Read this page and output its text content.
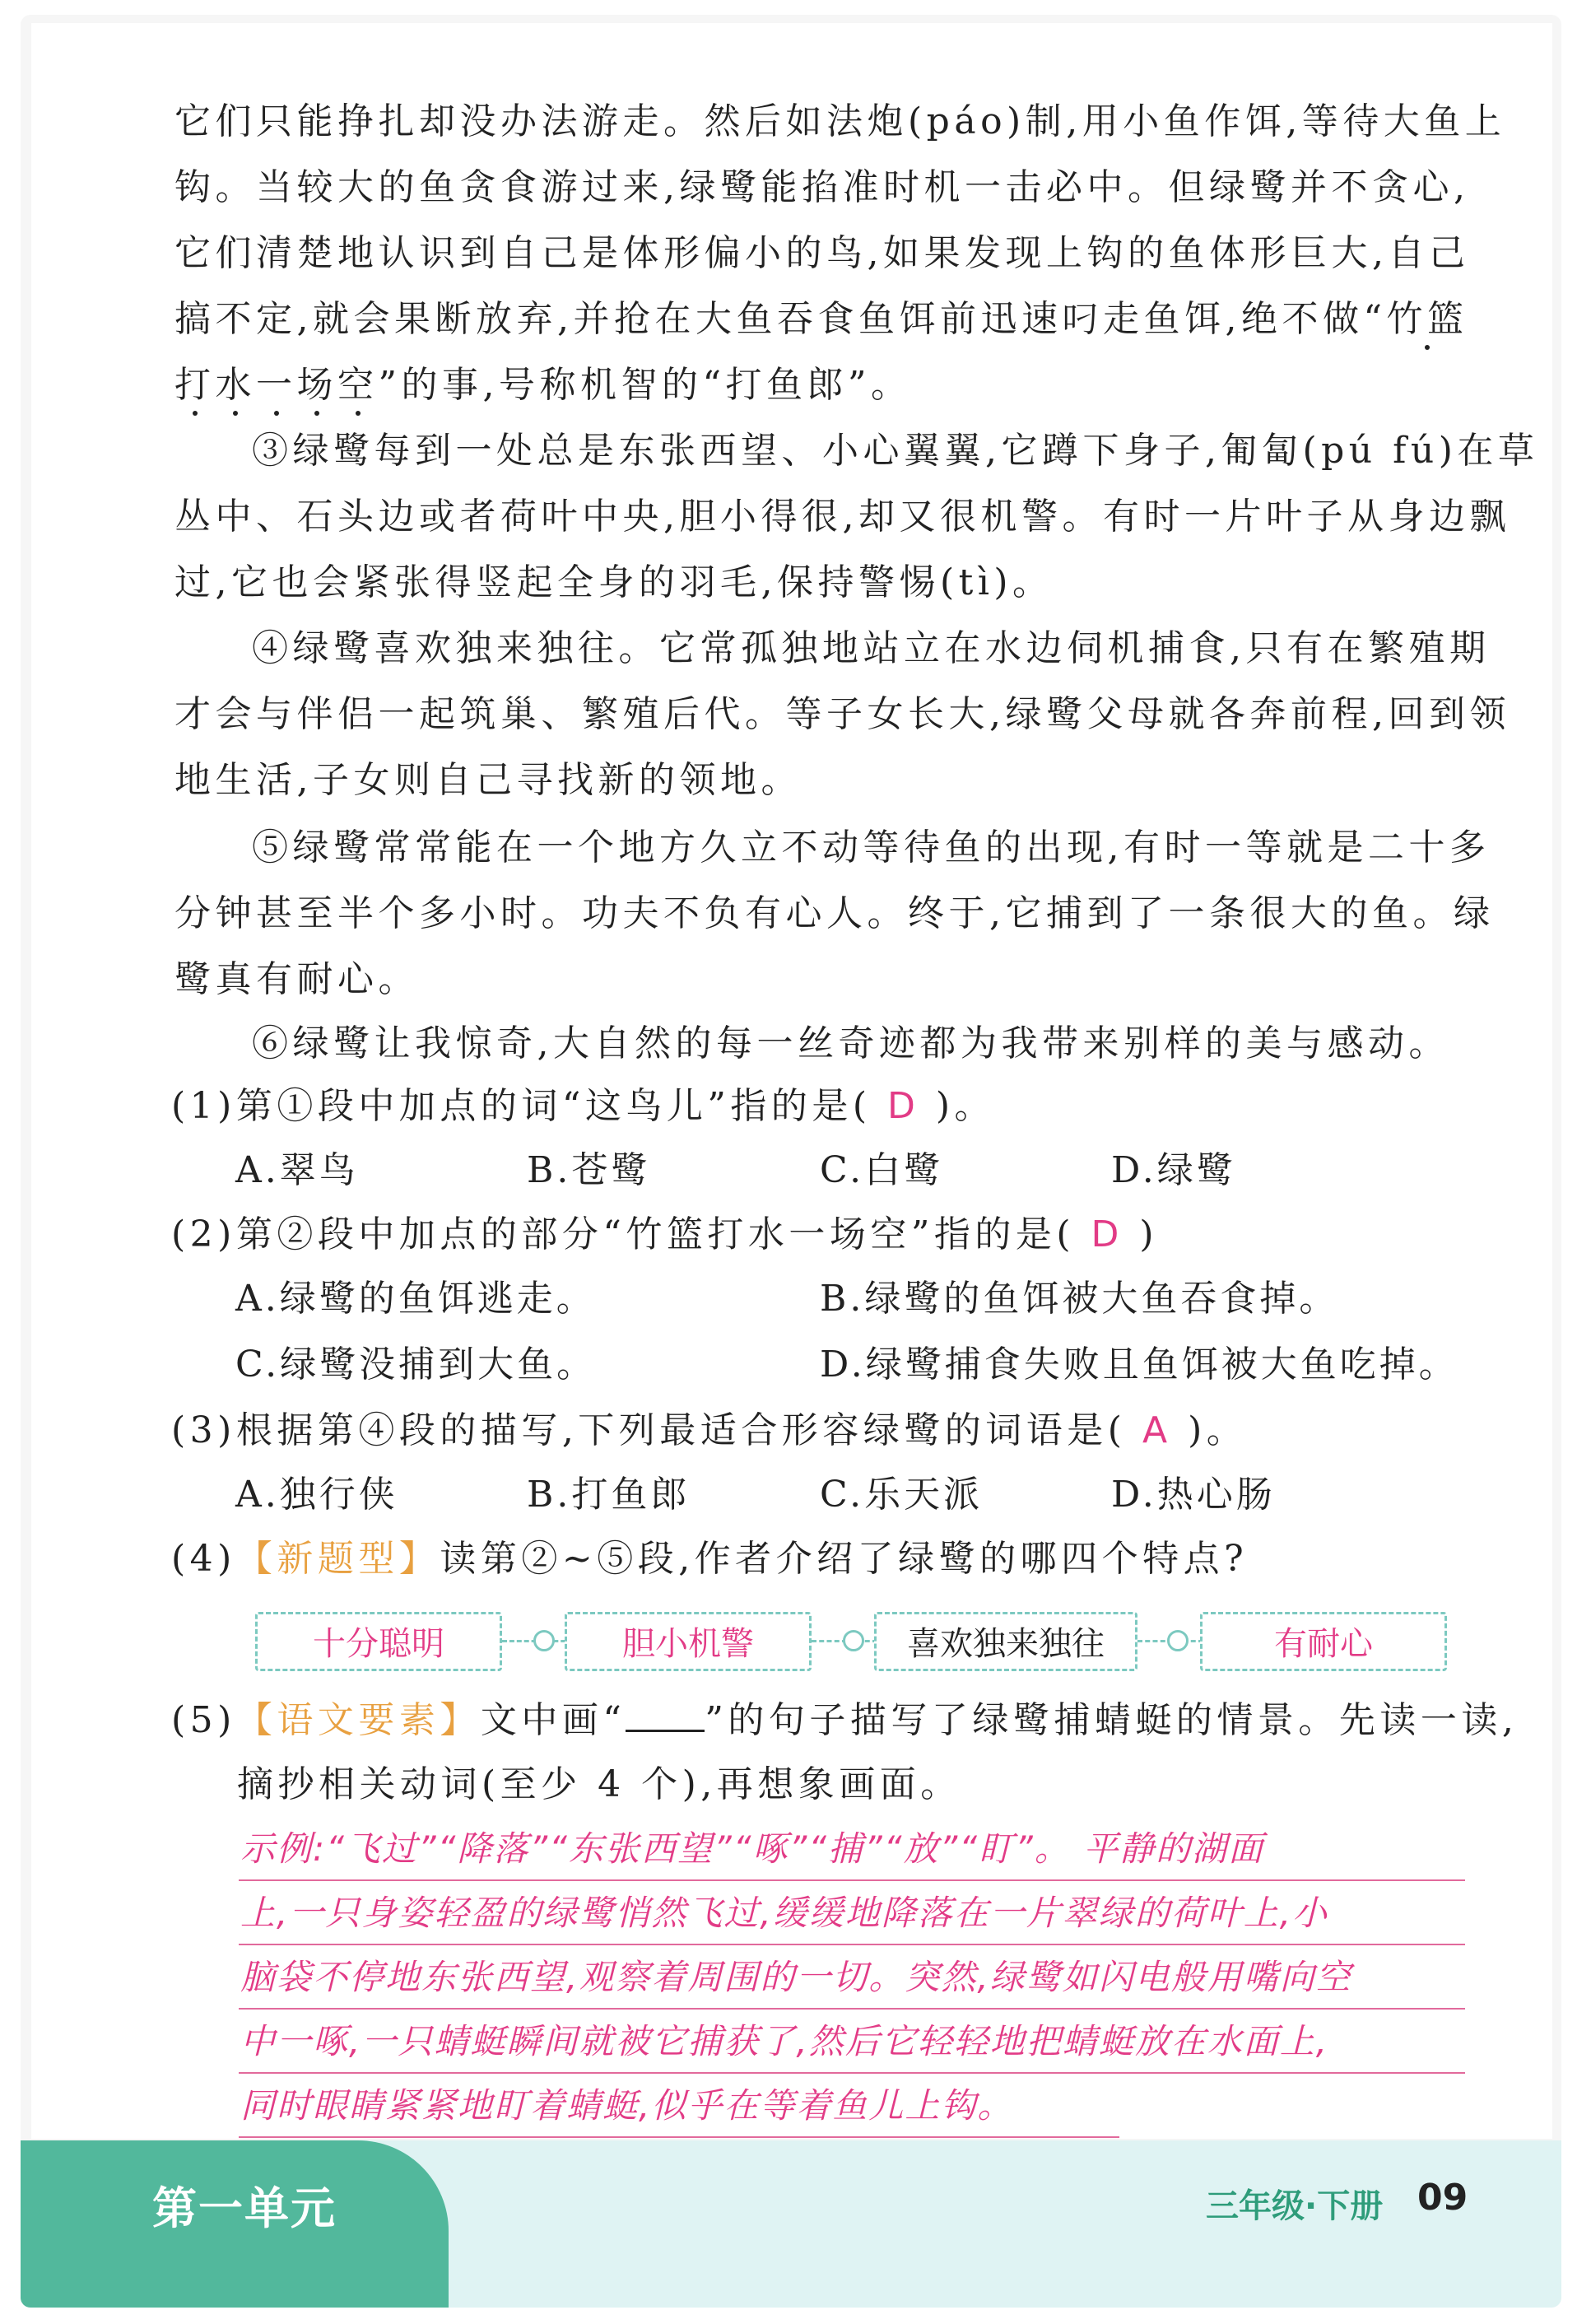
它们只能挣扎却没办法游走。然后如法炮(páo)制,用小鱼作饵,等待大鱼上
钩。当较大的鱼贪食游过来,绿鹭能掐准时机一击必中。但绿鹭并不贪心,
它们清楚地认识到自己是体形偏小的鸟,如果发现上钩的鱼体形巨大,自己
搞不定,就会果断放弃,并抢在大鱼吞食鱼饵前迅速叼走鱼饵,绝不做“竹篮
打水一场空”的事,号称机智的“打鱼郎”。
③绿鹭每到一处总是东张西望、小心翼翼,它蹲下身子,匍匐(pú fú)在草
丛中、石头边或者荷叶中央,胆小得很,却又很机警。有时一片叶子从身边飘
过,它也会紧张得竖起全身的羽毛,保持警惕(tì)。
④绿鹭喜欢独来独往。它常孤独地站立在水边伺机捕食,只有在繁殖期
才会与伴侣一起筑巢、繁殖后代。等子女长大,绿鹭父母就各奔前程,回到领
地生活,子女则自己寻找新的领地。
⑤绿鹭常常能在一个地方久立不动等待鱼的出现,有时一等就是二十多
分钟甚至半个多小时。功夫不负有心人。终于,它捕到了一条很大的鱼。绿
鹭真有耐心。
⑥绿鹭让我惊奇,大自然的每一丝奇迹都为我带来别样的美与感动。
(1)第①段中加点的词“这鸟儿”指的是( D )。
A.翠鸟	B.苍鹭	C.白鹭	D.绿鹭
(2)第②段中加点的部分“竹篮打水一场空”指的是( D )
A.绿鹭的鱼饵逃走。	B.绿鹭的鱼饵被大鱼吞食掉。
C.绿鹭没捕到大鱼。	D.绿鹭捕食失败且鱼饵被大鱼吃掉。
(3)根据第④段的描写,下列最适合形容绿鹭的词语是( A )。
A.独行侠	B.打鱼郎	C.乐天派	D.热心肠
(4)【新题型】读第②~⑤段,作者介绍了绿鹭的哪四个特点?
十分聪明	胆小机警	喜欢独来独往	有耐心
(5)【语文要素】文中画“ ”的句子描写了绿鹭捕蜻蜓的情景。先读一读,
摘抄相关动词(至少 4 个),再想象画面。
示例:“飞过”“降落”“东张西望”“啄”“捕”“放”“盯”。 平静的湖面
上,一只身姿轻盈的绿鹭悄然飞过,缓缓地降落在一片翠绿的荷叶上,小
脑袋不停地东张西望,观察着周围的一切。突然,绿鹭如闪电般用嘴向空
中一啄,一只蜻蜓瞬间就被它捕获了,然后它轻轻地把蜻蜓放在水面上,
同时眼睛紧紧地盯着蜻蜓,似乎在等着鱼儿上钩。
第一单元	三年级·下册 09
